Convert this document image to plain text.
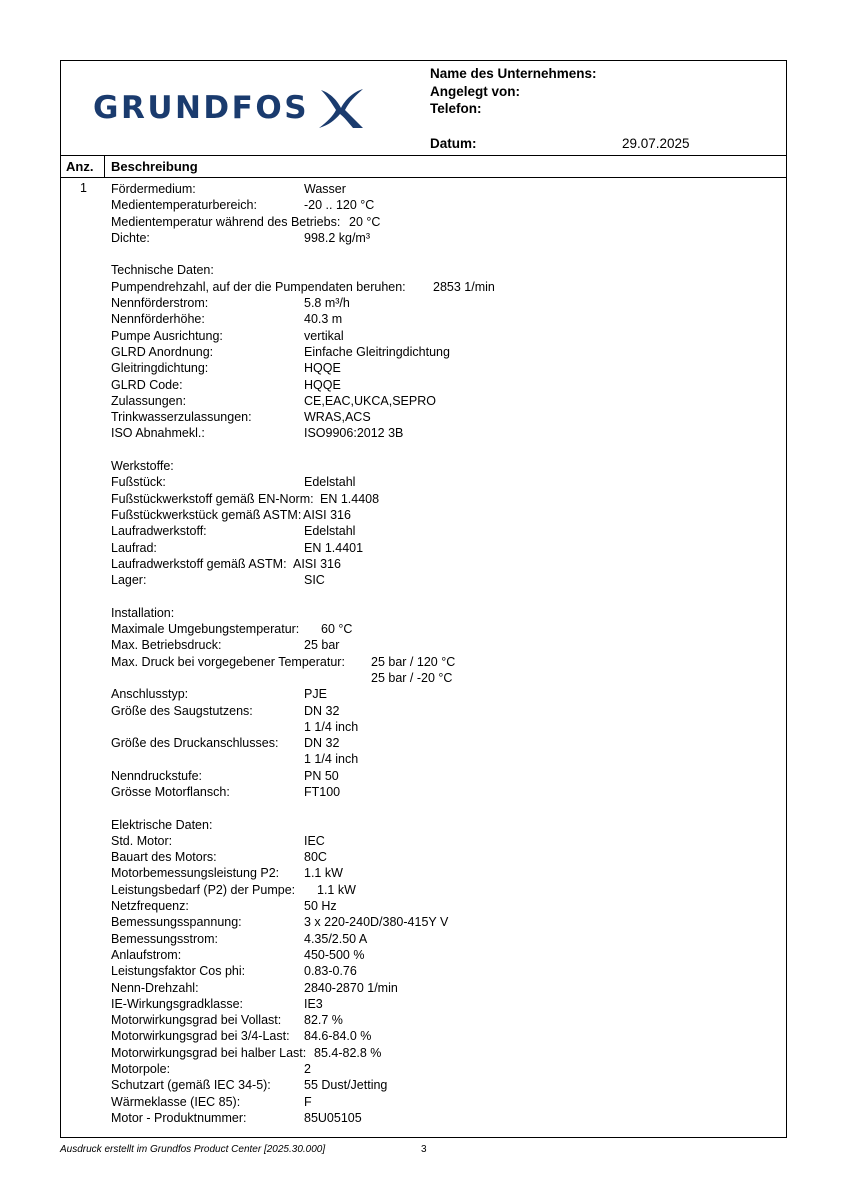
GRUNDFOS
Name des Unternehmens:
Angelegt von:
Telefon:
Datum:	29.07.2025
Anz. Beschreibung
1 Fördermedium:	Wasser
Medientemperaturbereich:	-20 .. 120 °C
Medientemperatur während des Betriebs: 20 °C
Dichte:	998.2 kg/m³
Technische Daten:
Pumpendrehzahl, auf der die Pumpendaten beruhen: 2853 1/min
Nennförderstrom:	5.8 m³/h
Nennförderhöhe:	40.3 m
Pumpe Ausrichtung:	vertikal
GLRD Anordnung:	Einfache Gleitringdichtung
Gleitringdichtung:	HQQE
GLRD Code:	HQQE
Zulassungen:	CE,EAC,UKCA,SEPRO
Trinkwasserzulassungen:	WRAS,ACS
ISO Abnahmekl.:	ISO9906:2012 3B
Werkstoffe:
Fußstück:	Edelstahl
Fußstückwerkstoff gemäß EN-Norm: EN 1.4408
Fußstückwerkstück gemäß ASTM: AISI 316
Laufradwerkstoff:	Edelstahl
Laufrad:	EN 1.4401
Laufradwerkstoff gemäß ASTM: AISI 316
Lager:	SIC
Installation:
Maximale Umgebungstemperatur: 60 °C
Max. Betriebsdruck:	25 bar
Max. Druck bei vorgegebener Temperatur: 25 bar / 120 °C
25 bar / -20 °C
Anschlusstyp:	PJE
Größe des Saugstutzens:	DN 32
1 1/4 inch
Größe des Druckanschlusses: DN 32
1 1/4 inch
Nenndruckstufe:	PN 50
Grösse Motorflansch:	FT100
Elektrische Daten:
Std. Motor:	IEC
Bauart des Motors:	80C
Motorbemessungsleistung P2: 1.1 kW
Leistungsbedarf (P2) der Pumpe: 1.1 kW
Netzfrequenz:	50 Hz
Bemessungsspannung:	3 x 220-240D/380-415Y V
Bemessungsstrom:	4.35/2.50 A
Anlaufstrom:	450-500 %
Leistungsfaktor Cos phi:	0.83-0.76
Nenn-Drehzahl:	2840-2870 1/min
IE-Wirkungsgradklasse:	IE3
Motorwirkungsgrad bei Vollast: 82.7 %
Motorwirkungsgrad bei 3/4-Last: 84.6-84.0 %
Motorwirkungsgrad bei halber Last: 85.4-82.8 %
Motorpole:	2
Schutzart (gemäß IEC 34-5):	55 Dust/Jetting
Wärmeklasse (IEC 85):	F
Motor - Produktnummer:	85U05105
Ausdruck erstellt im Grundfos Product Center [2025.30.000]	3
